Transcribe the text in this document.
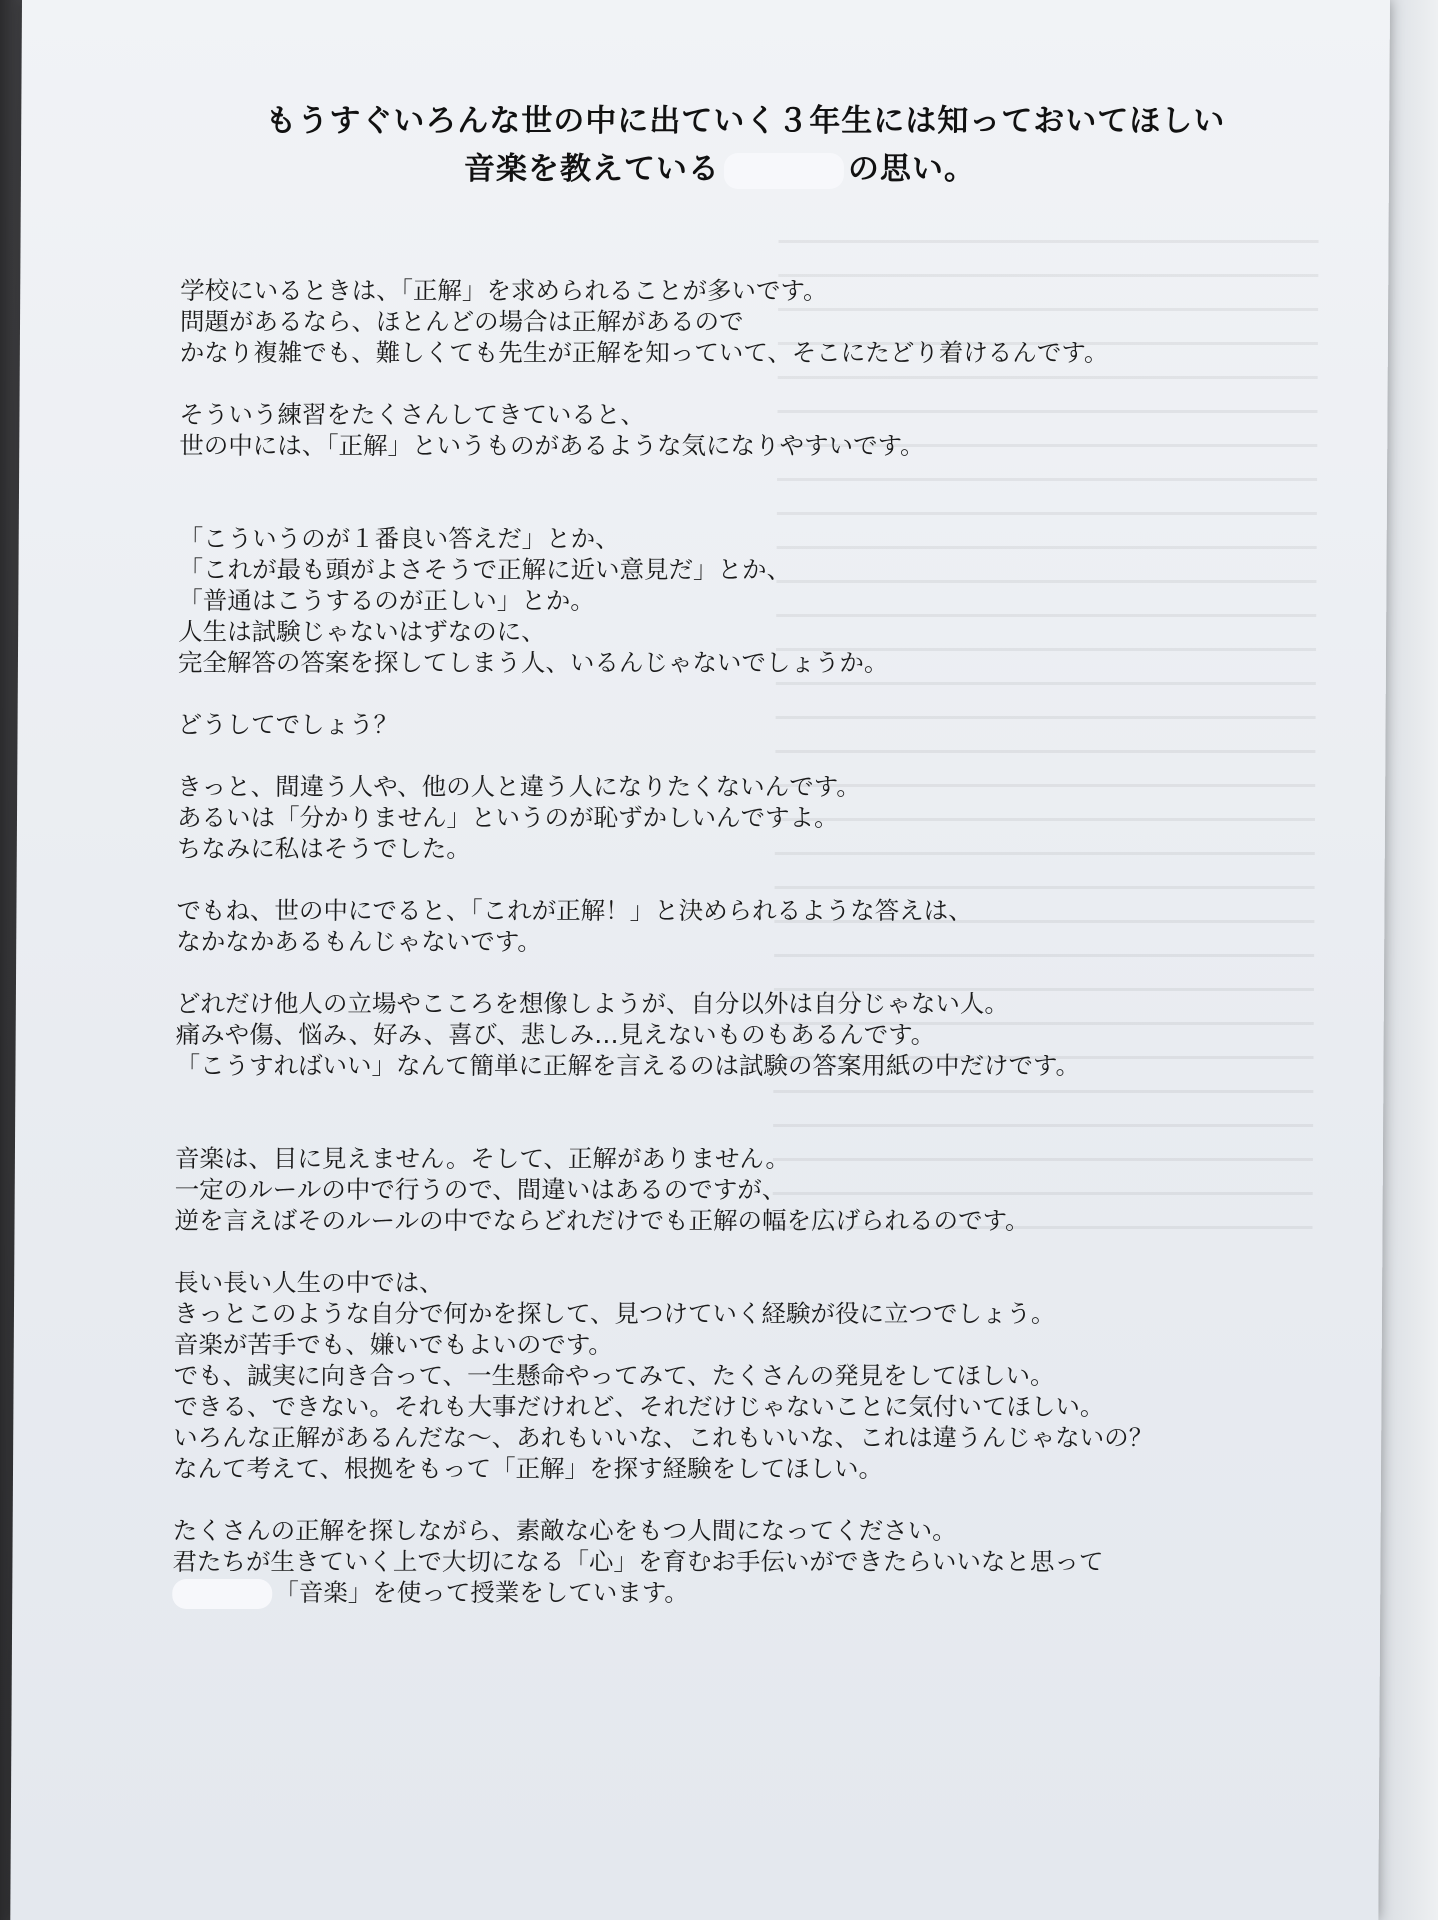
もうすぐいろんな世の中に出ていく３年生には知っておいてほしい
音楽を教えている	の思い。
学校にいるときは、「正解」を求められることが多いです。
問題があるなら、ほとんどの場合は正解があるので
かなり複雑でも、難しくても先生が正解を知っていて、そこにたどり着けるんです。
そういう練習をたくさんしてきていると、
世の中には、「正解」というものがあるような気になりやすいです。
「こういうのが１番良い答えだ」とか、
「これが最も頭がよさそうで正解に近い意見だ」とか、
「普通はこうするのが正しい」とか。
人生は試験じゃないはずなのに、
完全解答の答案を探してしまう人、いるんじゃないでしょうか。
どうしてでしょう？
きっと、間違う人や、他の人と違う人になりたくないんです。
あるいは「分かりません」というのが恥ずかしいんですよ。
ちなみに私はそうでした。
でもね、世の中にでると、「これが正解！」と決められるような答えは、
なかなかあるもんじゃないです。
どれだけ他人の立場やこころを想像しようが、自分以外は自分じゃない人。
痛みや傷、悩み、好み、喜び、悲しみ…見えないものもあるんです。
「こうすればいい」なんて簡単に正解を言えるのは試験の答案用紙の中だけです。
音楽は、目に見えません。そして、正解がありません。
一定のルールの中で行うので、間違いはあるのですが、
逆を言えばそのルールの中でならどれだけでも正解の幅を広げられるのです。
長い長い人生の中では、
きっとこのような自分で何かを探して、見つけていく経験が役に立つでしょう。
音楽が苦手でも、嫌いでもよいのです。
でも、誠実に向き合って、一生懸命やってみて、たくさんの発見をしてほしい。
できる、できない。それも大事だけれど、それだけじゃないことに気付いてほしい。
いろんな正解があるんだな～、あれもいいな、これもいいな、これは違うんじゃないの？
なんて考えて、根拠をもって「正解」を探す経験をしてほしい。
たくさんの正解を探しながら、素敵な心をもつ人間になってください。
君たちが生きていく上で大切になる「心」を育むお手伝いができたらいいなと思って
「音楽」を使って授業をしています。
